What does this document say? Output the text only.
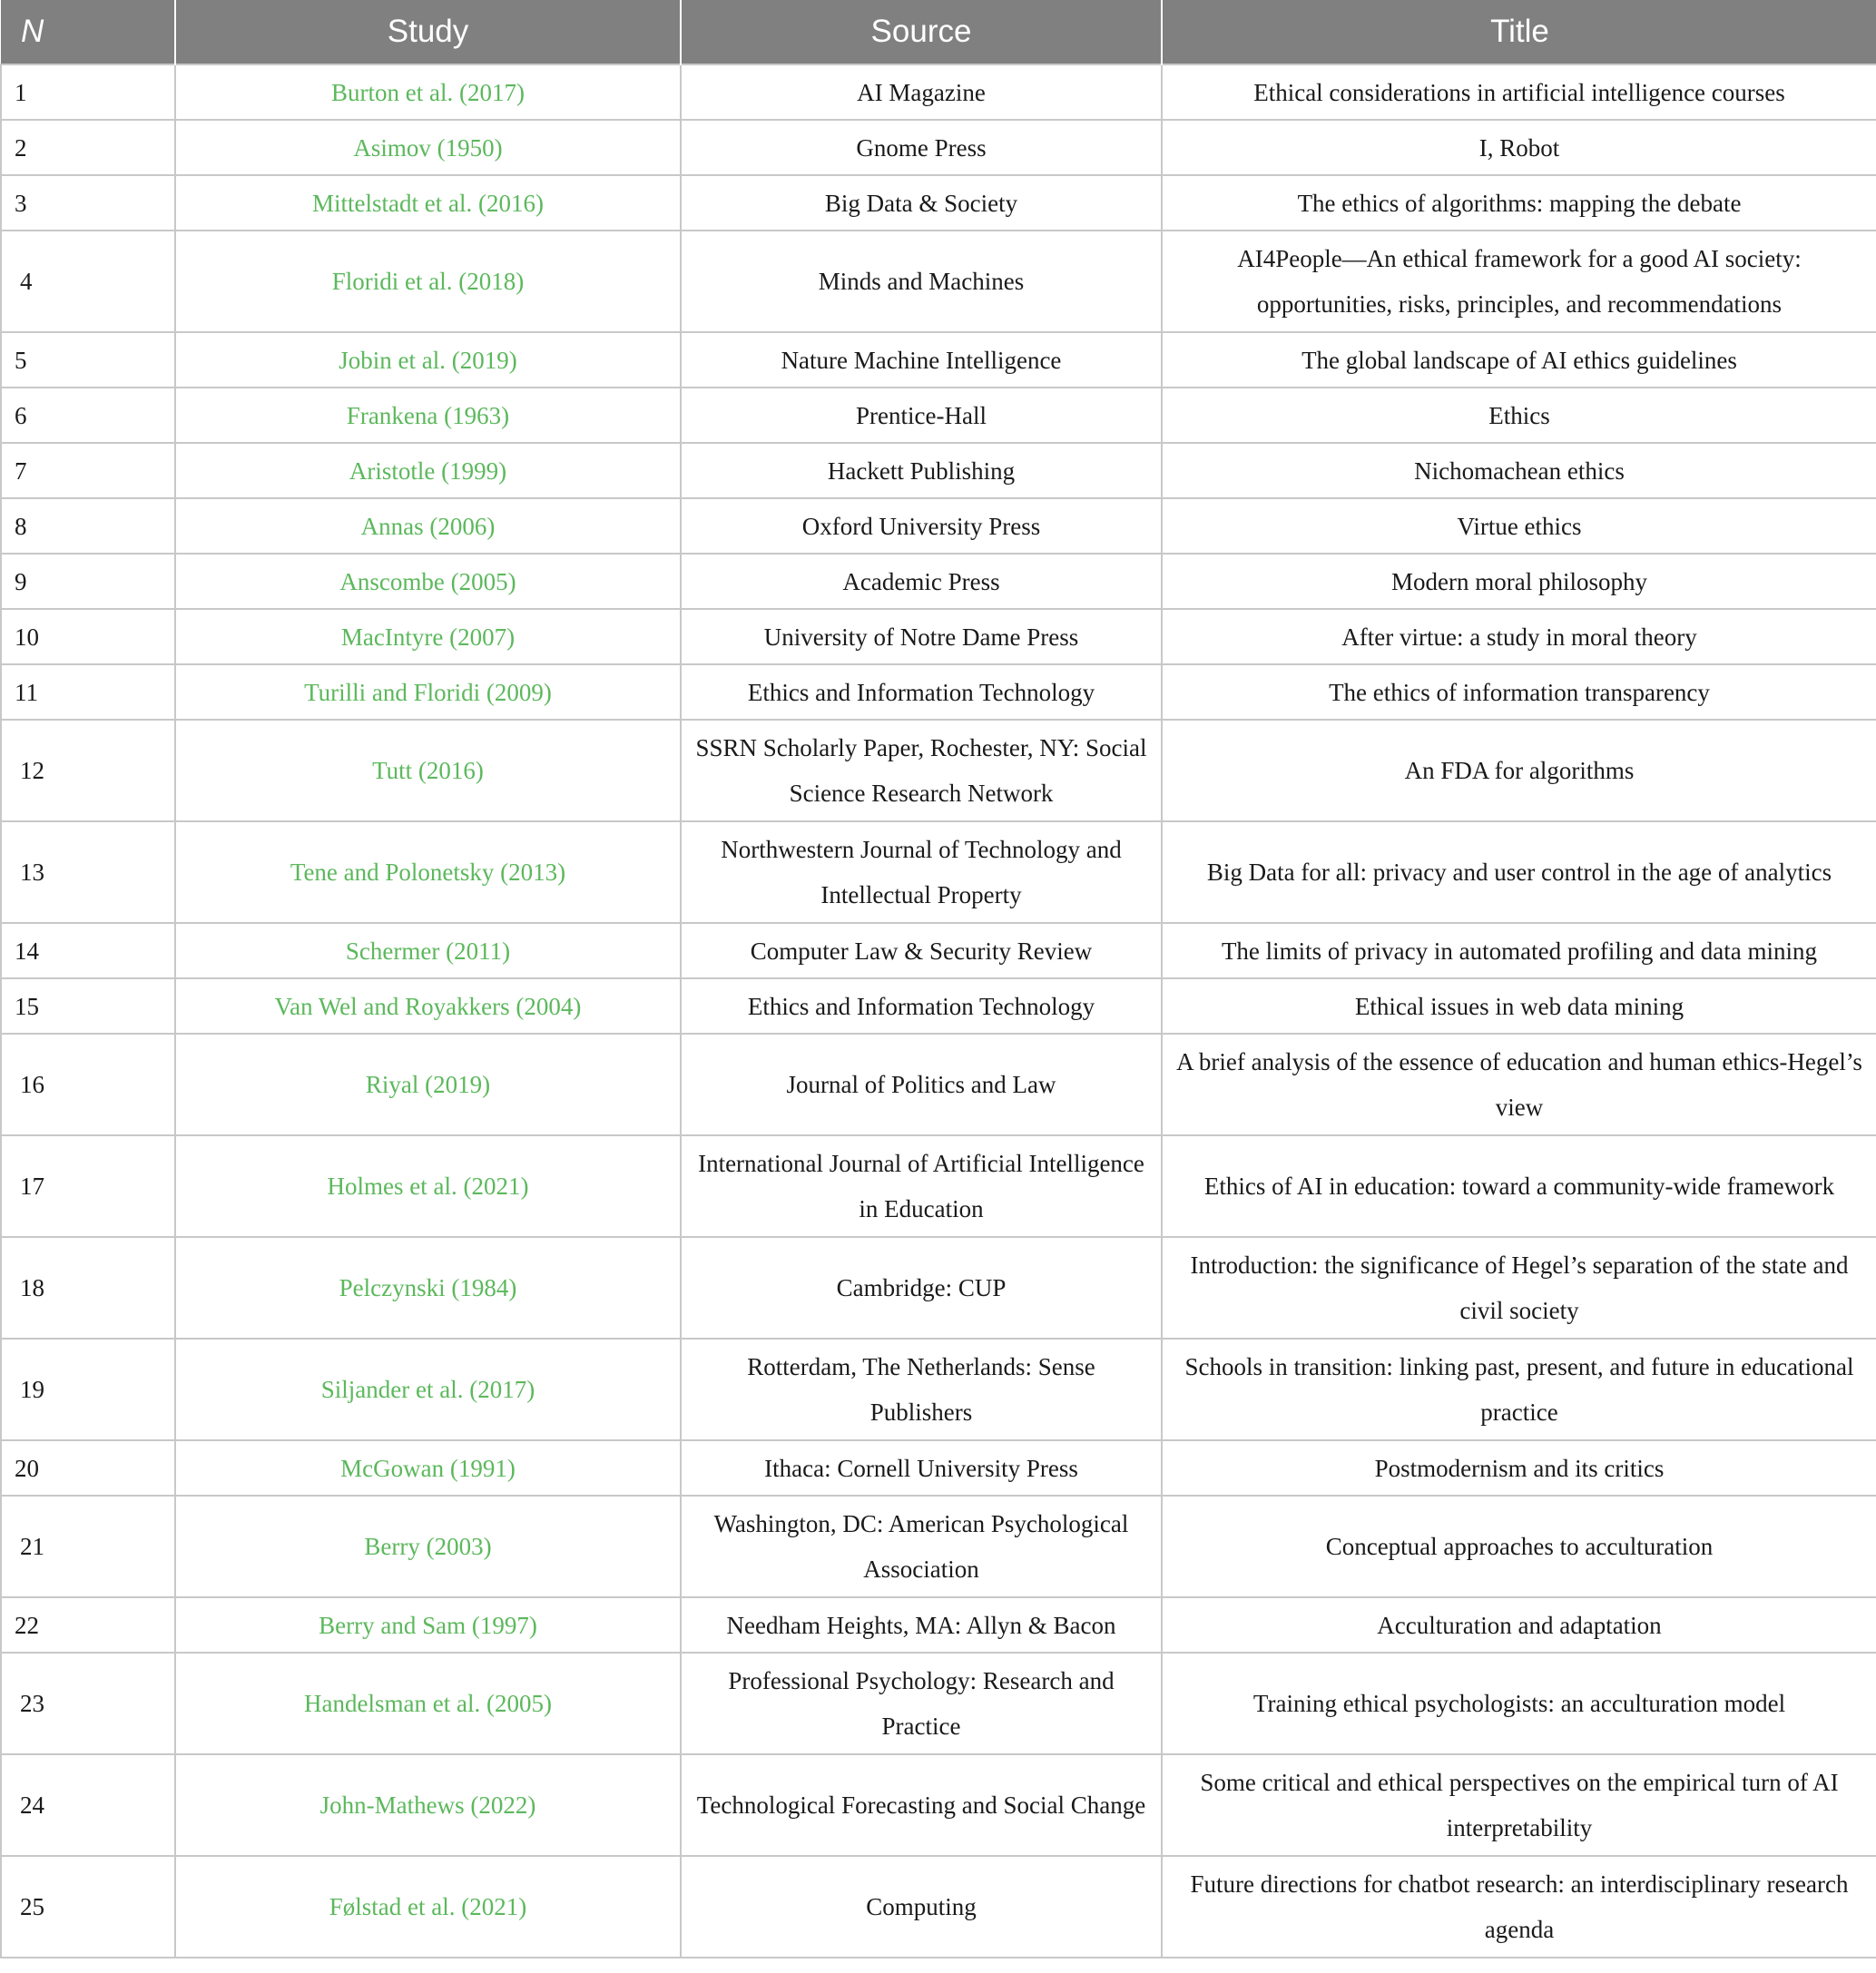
N	Study	Source	Title
1	Burton et al. (2017)	AI Magazine	Ethical considerations in artificial intelligence courses
2	Asimov (1950)	Gnome Press	I, Robot
3	Mittelstadt et al. (2016)	Big Data & Society	The ethics of algorithms: mapping the debate
4	Floridi et al. (2018)	Minds and Machines	AI4People—An ethical framework for a good AI society: opportunities, risks, principles, and recommendations
5	Jobin et al. (2019)	Nature Machine Intelligence	The global landscape of AI ethics guidelines
6	Frankena (1963)	Prentice-Hall	Ethics
7	Aristotle (1999)	Hackett Publishing	Nichomachean ethics
8	Annas (2006)	Oxford University Press	Virtue ethics
9	Anscombe (2005)	Academic Press	Modern moral philosophy
10	MacIntyre (2007)	University of Notre Dame Press	After virtue: a study in moral theory
11	Turilli and Floridi (2009)	Ethics and Information Technology	The ethics of information transparency
12	Tutt (2016)	SSRN Scholarly Paper, Rochester, NY: Social Science Research Network	An FDA for algorithms
13	Tene and Polonetsky (2013)	Northwestern Journal of Technology and Intellectual Property	Big Data for all: privacy and user control in the age of analytics
14	Schermer (2011)	Computer Law & Security Review	The limits of privacy in automated profiling and data mining
15	Van Wel and Royakkers (2004)	Ethics and Information Technology	Ethical issues in web data mining
16	Riyal (2019)	Journal of Politics and Law	A brief analysis of the essence of education and human ethics-Hegel’s view
17	Holmes et al. (2021)	International Journal of Artificial Intelligence in Education	Ethics of AI in education: toward a community-wide framework
18	Pelczynski (1984)	Cambridge: CUP	Introduction: the significance of Hegel’s separation of the state and civil society
19	Siljander et al. (2017)	Rotterdam, The Netherlands: Sense Publishers	Schools in transition: linking past, present, and future in educational practice
20	McGowan (1991)	Ithaca: Cornell University Press	Postmodernism and its critics
21	Berry (2003)	Washington, DC: American Psychological Association	Conceptual approaches to acculturation
22	Berry and Sam (1997)	Needham Heights, MA: Allyn & Bacon	Acculturation and adaptation
23	Handelsman et al. (2005)	Professional Psychology: Research and Practice	Training ethical psychologists: an acculturation model
24	John-Mathews (2022)	Technological Forecasting and Social Change	Some critical and ethical perspectives on the empirical turn of AI interpretability
25	Følstad et al. (2021)	Computing	Future directions for chatbot research: an interdisciplinary research agenda
